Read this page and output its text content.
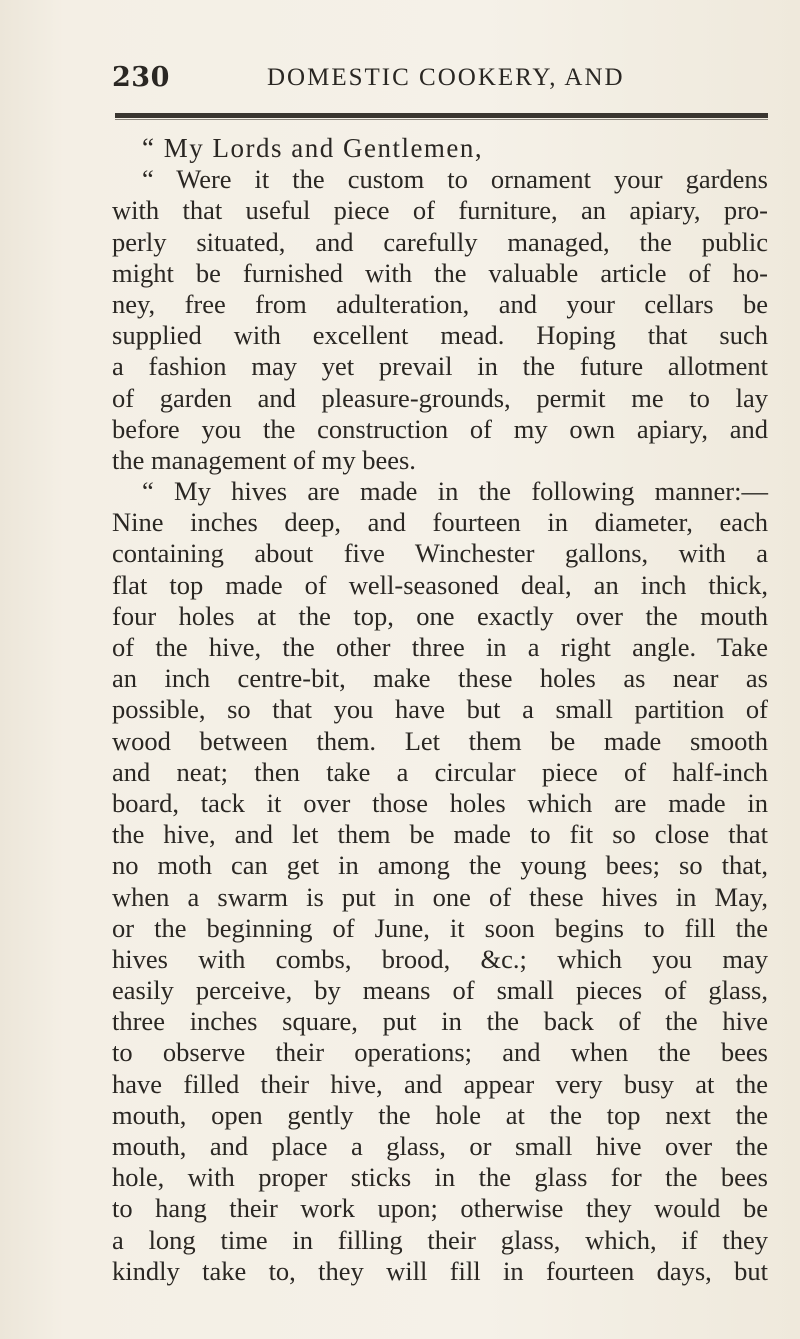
230	DOMESTIC COOKERY, AND
“ My Lords and Gentlemen,
“ Were it the custom to ornament your gardens
with that useful piece of furniture, an apiary, pro-
perly situated, and carefully managed, the public
might be furnished with the valuable article of ho-
ney, free from adulteration, and your cellars be
supplied with excellent mead. Hoping that such
a fashion may yet prevail in the future allotment
of garden and pleasure-grounds, permit me to lay
before you the construction of my own apiary, and
the management of my bees.
“ My hives are made in the following manner:—
Nine inches deep, and fourteen in diameter, each
containing about five Winchester gallons, with a
flat top made of well-seasoned deal, an inch thick,
four holes at the top, one exactly over the mouth
of the hive, the other three in a right angle. Take
an inch centre-bit, make these holes as near as
possible, so that you have but a small partition of
wood between them. Let them be made smooth
and neat; then take a circular piece of half-inch
board, tack it over those holes which are made in
the hive, and let them be made to fit so close that
no moth can get in among the young bees; so that,
when a swarm is put in one of these hives in May,
or the beginning of June, it soon begins to fill the
hives with combs, brood, &c.; which you may
easily perceive, by means of small pieces of glass,
three inches square, put in the back of the hive
to observe their operations; and when the bees
have filled their hive, and appear very busy at the
mouth, open gently the hole at the top next the
mouth, and place a glass, or small hive over the
hole, with proper sticks in the glass for the bees
to hang their work upon; otherwise they would be
a long time in filling their glass, which, if they
kindly take to, they will fill in fourteen days, but
